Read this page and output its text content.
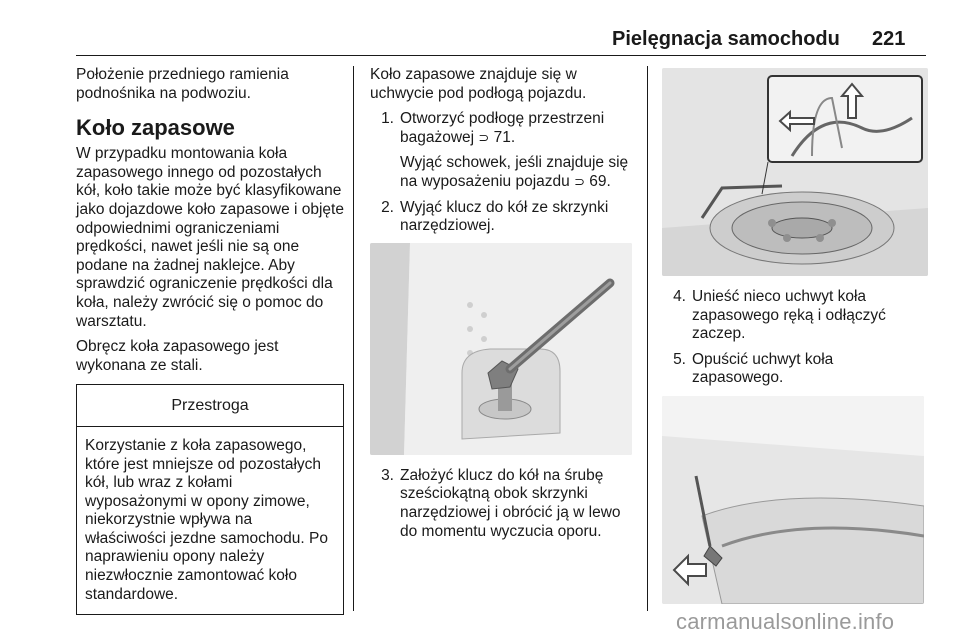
Pielęgnacja samochodu 221

Położenie przedniego ramienia podnośnika na podwoziu.

Koło zapasowe

W przypadku montowania koła zapasowego innego od pozostałych kół, koło takie może być klasyfikowane jako dojazdowe koło zapasowe i objęte odpowiednimi ograniczeniami prędkości, nawet jeśli nie są one podane na żadnej naklejce. Aby sprawdzić ograniczenie prędkości dla koła, należy zwrócić się o pomoc do warsztatu.

Obręcz koła zapasowego jest wykonana ze stali.

Przestroga
Korzystanie z koła zapasowego, które jest mniejsze od pozostałych kół, lub wraz z kołami wyposażonymi w opony zimowe, niekorzystnie wpływa na właściwości jezdne samochodu. Po naprawieniu opony należy niezwłocznie zamontować koło standardowe.

Koło zapasowe znajduje się w uchwycie pod podłogą pojazdu.

1. Otworzyć podłogę przestrzeni bagażowej ⊃ 71.

Wyjąć schowek, jeśli znajduje się na wyposażeniu pojazdu ⊃ 69.

2. Wyjąć klucz do kół ze skrzynki narzędziowej.

3. Założyć klucz do kół na śrubę sześciokątną obok skrzynki narzędziowej i obrócić ją w lewo do momentu wyczucia oporu.

4. Unieść nieco uchwyt koła zapasowego ręką i odłączyć zaczep.

5. Opuścić uchwyt koła zapasowego.

carmanualsonline.info
